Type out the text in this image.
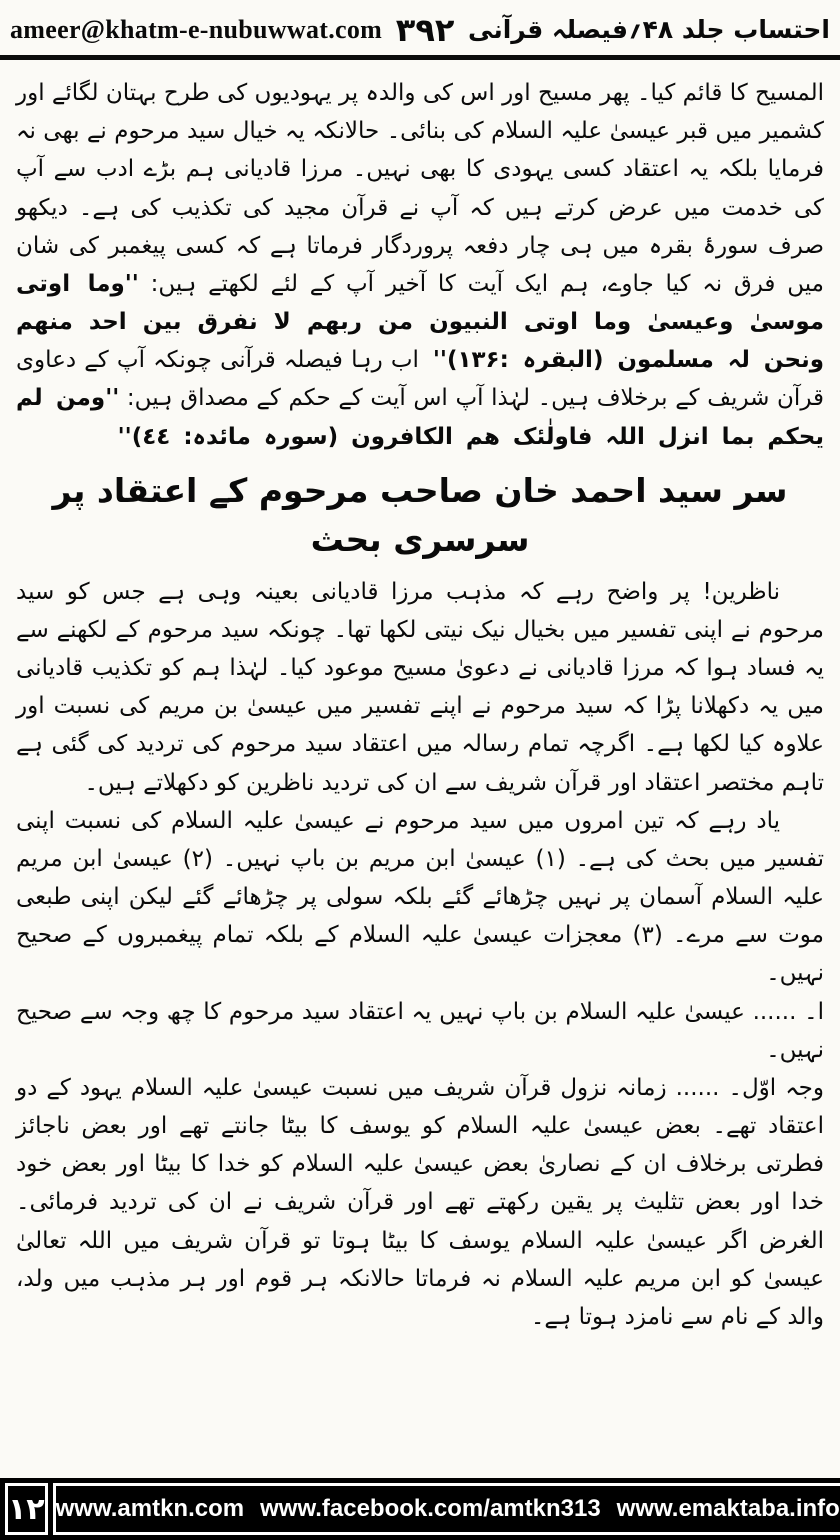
ameer@khatm-e-nubuwwat.com ۳۹۲ احتساب جلد ۴۸؍فیصلہ قرآنی

المسیح کا قائم کیا۔ پھر مسیح اور اس کی والدہ پر یہودیوں کی طرح بہتان لگائے اور کشمیر میں قبر عیسیٰ علیہ السلام کی بنائی۔ حالانکہ یہ خیال سید مرحوم نے بھی نہ فرمایا بلکہ یہ اعتقاد کسی یہودی کا بھی نہیں۔ مرزا قادیانی ہم بڑے ادب سے آپ کی خدمت میں عرض کرتے ہیں کہ آپ نے قرآن مجید کی تکذیب کی ہے۔ دیکھو صرف سورۂ بقرہ میں ہی چار دفعہ پروردگار فرماتا ہے کہ کسی پیغمبر کی شان میں فرق نہ کیا جاوے، ہم ایک آیت کا آخیر آپ کے لئے لکھتے ہیں: ''وما اوتی موسیٰ وعیسیٰ وما اوتی النبیون من ربھم لا نفرق بین احد منھم ونحن لہ مسلمون (البقرہ :۱۳۶)'' اب رہا فیصلہ قرآنی چونکہ آپ کے دعاوی قرآن شریف کے برخلاف ہیں۔ لہٰذا آپ اس آیت کے حکم کے مصداق ہیں: ''ومن لم یحکم بما انزل اللہ فاولٰئک ھم الکافرون (سورہ مائدہ: ٤٤)''

سر سید احمد خان صاحب مرحوم کے اعتقاد پر سرسری بحث

ناظرین! پر واضح رہے کہ مذہب مرزا قادیانی بعینہ وہی ہے جس کو سید مرحوم نے اپنی تفسیر میں بخیال نیک نیتی لکھا تھا۔ چونکہ سید مرحوم کے لکھنے سے یہ فساد ہوا کہ مرزا قادیانی نے دعویٰ مسیح موعود کیا۔ لہٰذا ہم کو تکذیب قادیانی میں یہ دکھلانا پڑا کہ سید مرحوم نے اپنے تفسیر میں عیسیٰ بن مریم کی نسبت اور علاوہ کیا لکھا ہے۔ اگرچہ تمام رسالہ میں اعتقاد سید مرحوم کی تردید کی گئی ہے تاہم مختصر اعتقاد اور قرآن شریف سے ان کی تردید ناظرین کو دکھلاتے ہیں۔

یاد رہے کہ تین امروں میں سید مرحوم نے عیسیٰ علیہ السلام کی نسبت اپنی تفسیر میں بحث کی ہے۔ (۱) عیسیٰ ابن مریم بن باپ نہیں۔ (۲) عیسیٰ ابن مریم علیہ السلام آسمان پر نہیں چڑھائے گئے بلکہ سولی پر چڑھائے گئے لیکن اپنی طبعی موت سے مرے۔ (۳) معجزات عیسیٰ علیہ السلام کے بلکہ تمام پیغمبروں کے صحیح نہیں۔

ا۔ ...... عیسیٰ علیہ السلام بن باپ نہیں یہ اعتقاد سید مرحوم کا چھ وجہ سے صحیح نہیں۔

وجہ اوّل۔ ...... زمانہ نزول قرآن شریف میں نسبت عیسیٰ علیہ السلام یہود کے دو اعتقاد تھے۔ بعض عیسیٰ علیہ السلام کو یوسف کا بیٹا جانتے تھے اور بعض ناجائز فطرتی برخلاف ان کے نصاریٰ بعض عیسیٰ علیہ السلام کو خدا کا بیٹا اور بعض خود خدا اور بعض تثلیث پر یقین رکھتے تھے اور قرآن شریف نے ان کی تردید فرمائی۔ الغرض اگر عیسیٰ علیہ السلام یوسف کا بیٹا ہوتا تو قرآن شریف میں اللہ تعالیٰ عیسیٰ کو ابن مریم علیہ السلام نہ فرماتا حالانکہ ہر قوم اور ہر مذہب میں ولد، والد کے نام سے نامزد ہوتا ہے۔

۱۲ www.amtkn.com www.facebook.com/amtkn313 www.emaktaba.info
